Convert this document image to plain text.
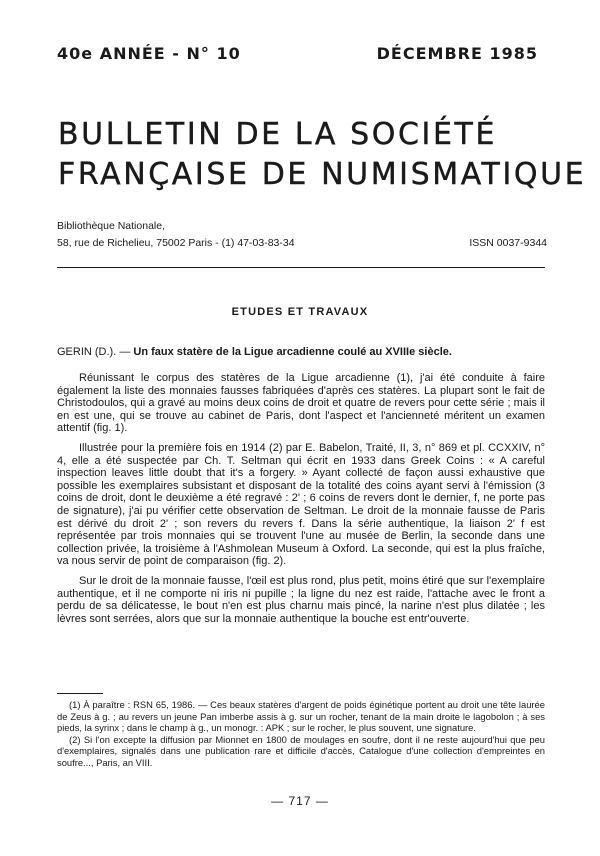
40e ANNÉE - N° 10	DÉCEMBRE 1985
BULLETIN DE LA SOCIÉTÉ
FRANÇAISE DE NUMISMATIQUE
Bibliothèque Nationale,
58, rue de Richelieu, 75002 Paris - (1) 47-03-83-34	ISSN 0037-9344
ETUDES ET TRAVAUX
GERIN (D.). — Un faux statère de la Ligue arcadienne coulé au XVIIIe siècle.

Réunissant le corpus des statères de la Ligue arcadienne (1), j'ai été conduite à faire également la liste des monnaies fausses fabriquées d'après ces statères. La plupart sont le fait de Christodoulos, qui a gravé au moins deux coins de droit et quatre de revers pour cette série ; mais il en est une, qui se trouve au cabinet de Paris, dont l'aspect et l'ancienneté méritent un examen attentif (fig. 1).

Illustrée pour la première fois en 1914 (2) par E. Babelon, Traité, II, 3, n° 869 et pl. CCXXIV, n° 4, elle a été suspectée par Ch. T. Seltman qui écrit en 1933 dans Greek Coins : « A careful inspection leaves little doubt that it's a forgery. » Ayant collecté de façon aussi exhaustive que possible les exemplaires subsistant et disposant de la totalité des coins ayant servi à l'émission (3 coins de droit, dont le deuxième a été regravé : 2' ; 6 coins de revers dont le dernier, f, ne porte pas de signature), j'ai pu vérifier cette observation de Seltman. Le droit de la monnaie fausse de Paris est dérivé du droit 2' ; son revers du revers f. Dans la série authentique, la liaison 2' f est représentée par trois monnaies qui se trouvent l'une au musée de Berlin, la seconde dans une collection privée, la troisième à l'Ashmolean Museum à Oxford. La seconde, qui est la plus fraîche, va nous servir de point de comparaison (fig. 2).

Sur le droit de la monnaie fausse, l'œil est plus rond, plus petit, moins étiré que sur l'exemplaire authentique, et il ne comporte ni iris ni pupille ; la ligne du nez est raide, l'attache avec le front a perdu de sa délicatesse, le bout n'en est plus charnu mais pincé, la narine n'est plus dilatée ; les lèvres sont serrées, alors que sur la monnaie authentique la bouche est entr'ouverte.

(1) À paraître : RSN 65, 1986. — Ces beaux statères d'argent de poids éginétique portent au droit une tête laurée de Zeus à g. ; au revers un jeune Pan imberbe assis à g. sur un rocher, tenant de la main droite le lagobolon ; à ses pieds, la syrinx ; dans le champ à g., un monogr. : APK ; sur le rocher, le plus souvent, une signature.

(2) Si l'on excepte la diffusion par Mionnet en 1800 de moulages en soufre, dont il ne reste aujourd'hui que peu d'exemplaires, signalés dans une publication rare et difficile d'accès, Catalogue d'une collection d'empreintes en soufre..., Paris, an VIII.

— 717 —
